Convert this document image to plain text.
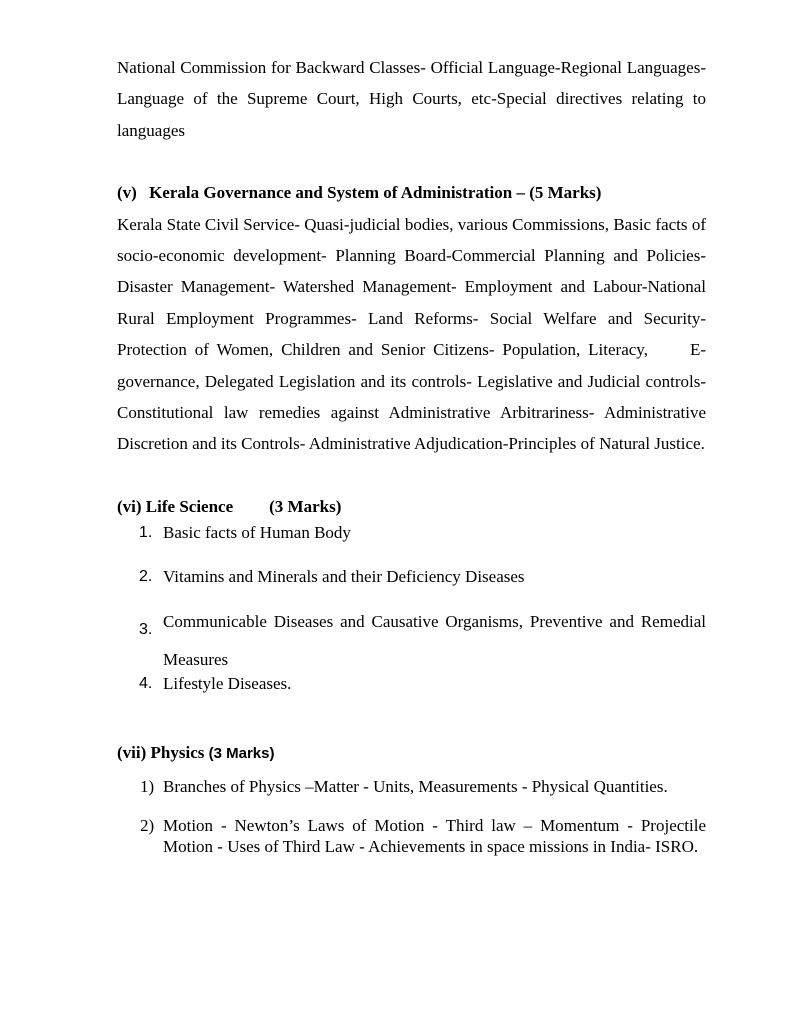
National Commission for Backward Classes- Official Language-Regional Languages-Language of the Supreme Court, High Courts, etc-Special directives relating to languages

(v) Kerala Governance and System of Administration – (5 Marks)

Kerala State Civil Service- Quasi-judicial bodies, various Commissions, Basic facts of socio-economic development- Planning Board-Commercial Planning and Policies- Disaster Management- Watershed Management- Employment and Labour-National Rural Employment Programmes- Land Reforms- Social Welfare and Security- Protection of Women, Children and Senior Citizens- Population, Literacy, E-governance, Delegated Legislation and its controls- Legislative and Judicial controls- Constitutional law remedies against Administrative Arbitrariness- Administrative Discretion and its Controls- Administrative Adjudication-Principles of Natural Justice.

(vi) Life Science (3 Marks)

1. Basic facts of Human Body
2. Vitamins and Minerals and their Deficiency Diseases
3. Communicable Diseases and Causative Organisms, Preventive and Remedial Measures
4. Lifestyle Diseases.

(vii) Physics (3 Marks)

1) Branches of Physics –Matter - Units, Measurements - Physical Quantities.
2) Motion - Newton’s Laws of Motion - Third law – Momentum - Projectile Motion - Uses of Third Law - Achievements in space missions in India- ISRO.
